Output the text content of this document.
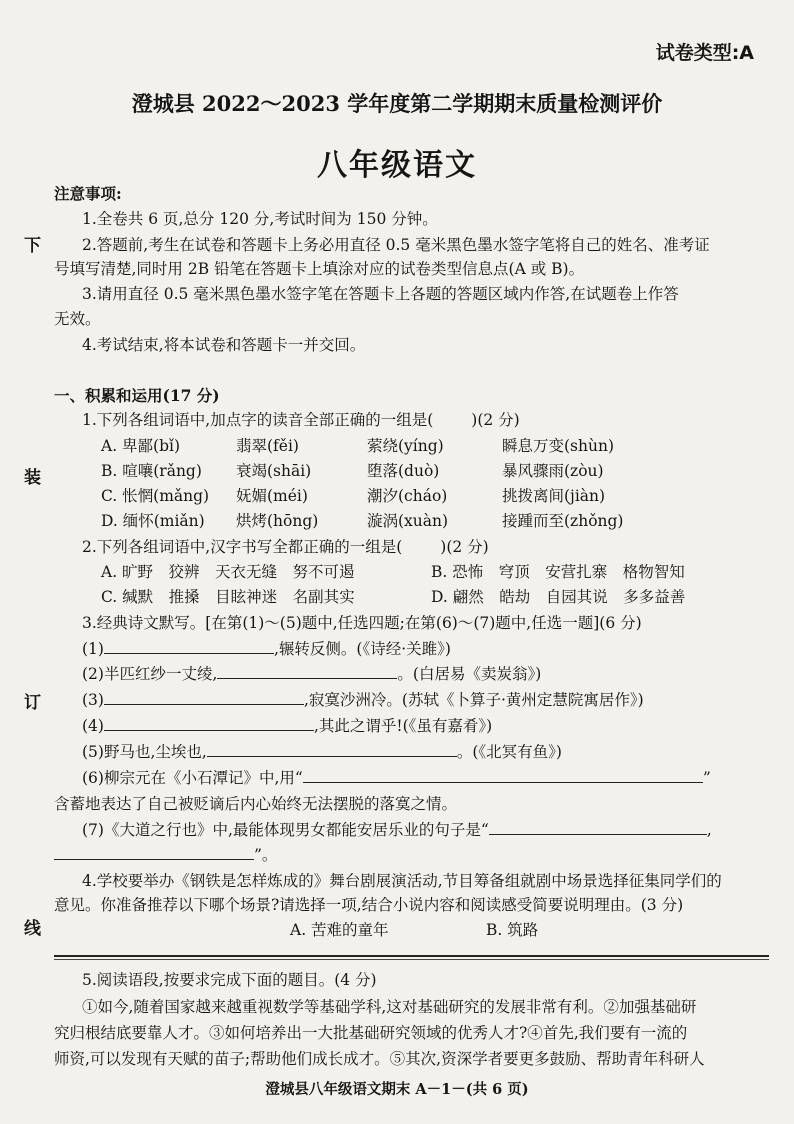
试卷类型:A
澄城县 2022～2023 学年度第二学期期末质量检测评价
八年级语文
下
装
订
线
注意事项:
1.全卷共 6 页,总分 120 分,考试时间为 150 分钟。
2.答题前,考生在试卷和答题卡上务必用直径 0.5 毫米黑色墨水签字笔将自己的姓名、准考证
号填写清楚,同时用 2B 铅笔在答题卡上填涂对应的试卷类型信息点(A 或 B)。
3.请用直径 0.5 毫米黑色墨水签字笔在答题卡上各题的答题区域内作答,在试题卷上作答
无效。
4.考试结束,将本试卷和答题卡一并交回。
一、积累和运用(17 分)
1.下列各组词语中,加点字的读音全部正确的一组是( )(2 分)
A. 卑鄙(bǐ)	翡翠(fěi)	萦绕(yíng)	瞬息万变(shùn)
B. 喧嚷(rǎng) 衰竭(shāi)	堕落(duò)	暴风骤雨(zòu)
C. 怅惘(mǎng) 妩媚(méi)	潮汐(cháo)	挑拨离间(jiàn)
D. 缅怀(miǎn) 烘烤(hōng)	漩涡(xuàn)	接踵而至(zhǒng)
2.下列各组词语中,汉字书写全都正确的一组是( )(2 分)
A. 旷野　狡辨　天衣无缝　努不可遏	B. 恐怖　穹顶　安营扎寨　格物智知
C. 缄默　推搡　目眩神迷　名副其实	D. 翩然　皓劫　自园其说　多多益善
3.经典诗文默写。[在第(1)～(5)题中,任选四题;在第(6)～(7)题中,任选一题](6 分)
(1)	,辗转反侧。(《诗经·关雎》)
(2)半匹红纱一丈绫,	。(白居易《卖炭翁》)
(3)	,寂寞沙洲冷。(苏轼《卜算子·黄州定慧院寓居作》)
(4)	,其此之谓乎!(《虽有嘉肴》)
(5)野马也,尘埃也,	。(《北冥有鱼》)
(6)柳宗元在《小石潭记》中,用“	”
含蓄地表达了自己被贬谪后内心始终无法摆脱的落寞之情。
(7)《大道之行也》中,最能体现男女都能安居乐业的句子是“	,
”。
4.学校要举办《钢铁是怎样炼成的》舞台剧展演活动,节目筹备组就剧中场景选择征集同学们的
意见。你准备推荐以下哪个场景?请选择一项,结合小说内容和阅读感受简要说明理由。(3 分)
A. 苦难的童年	B. 筑路
5.阅读语段,按要求完成下面的题目。(4 分)
①如今,随着国家越来越重视数学等基础学科,这对基础研究的发展非常有利。②加强基础研
究归根结底要靠人才。③如何培养出一大批基础研究领域的优秀人才?④首先,我们要有一流的
师资,可以发现有天赋的苗子;帮助他们成长成才。⑤其次,资深学者要更多鼓励、帮助青年科研人
澄城县八年级语文期末 A－1－(共 6 页)
